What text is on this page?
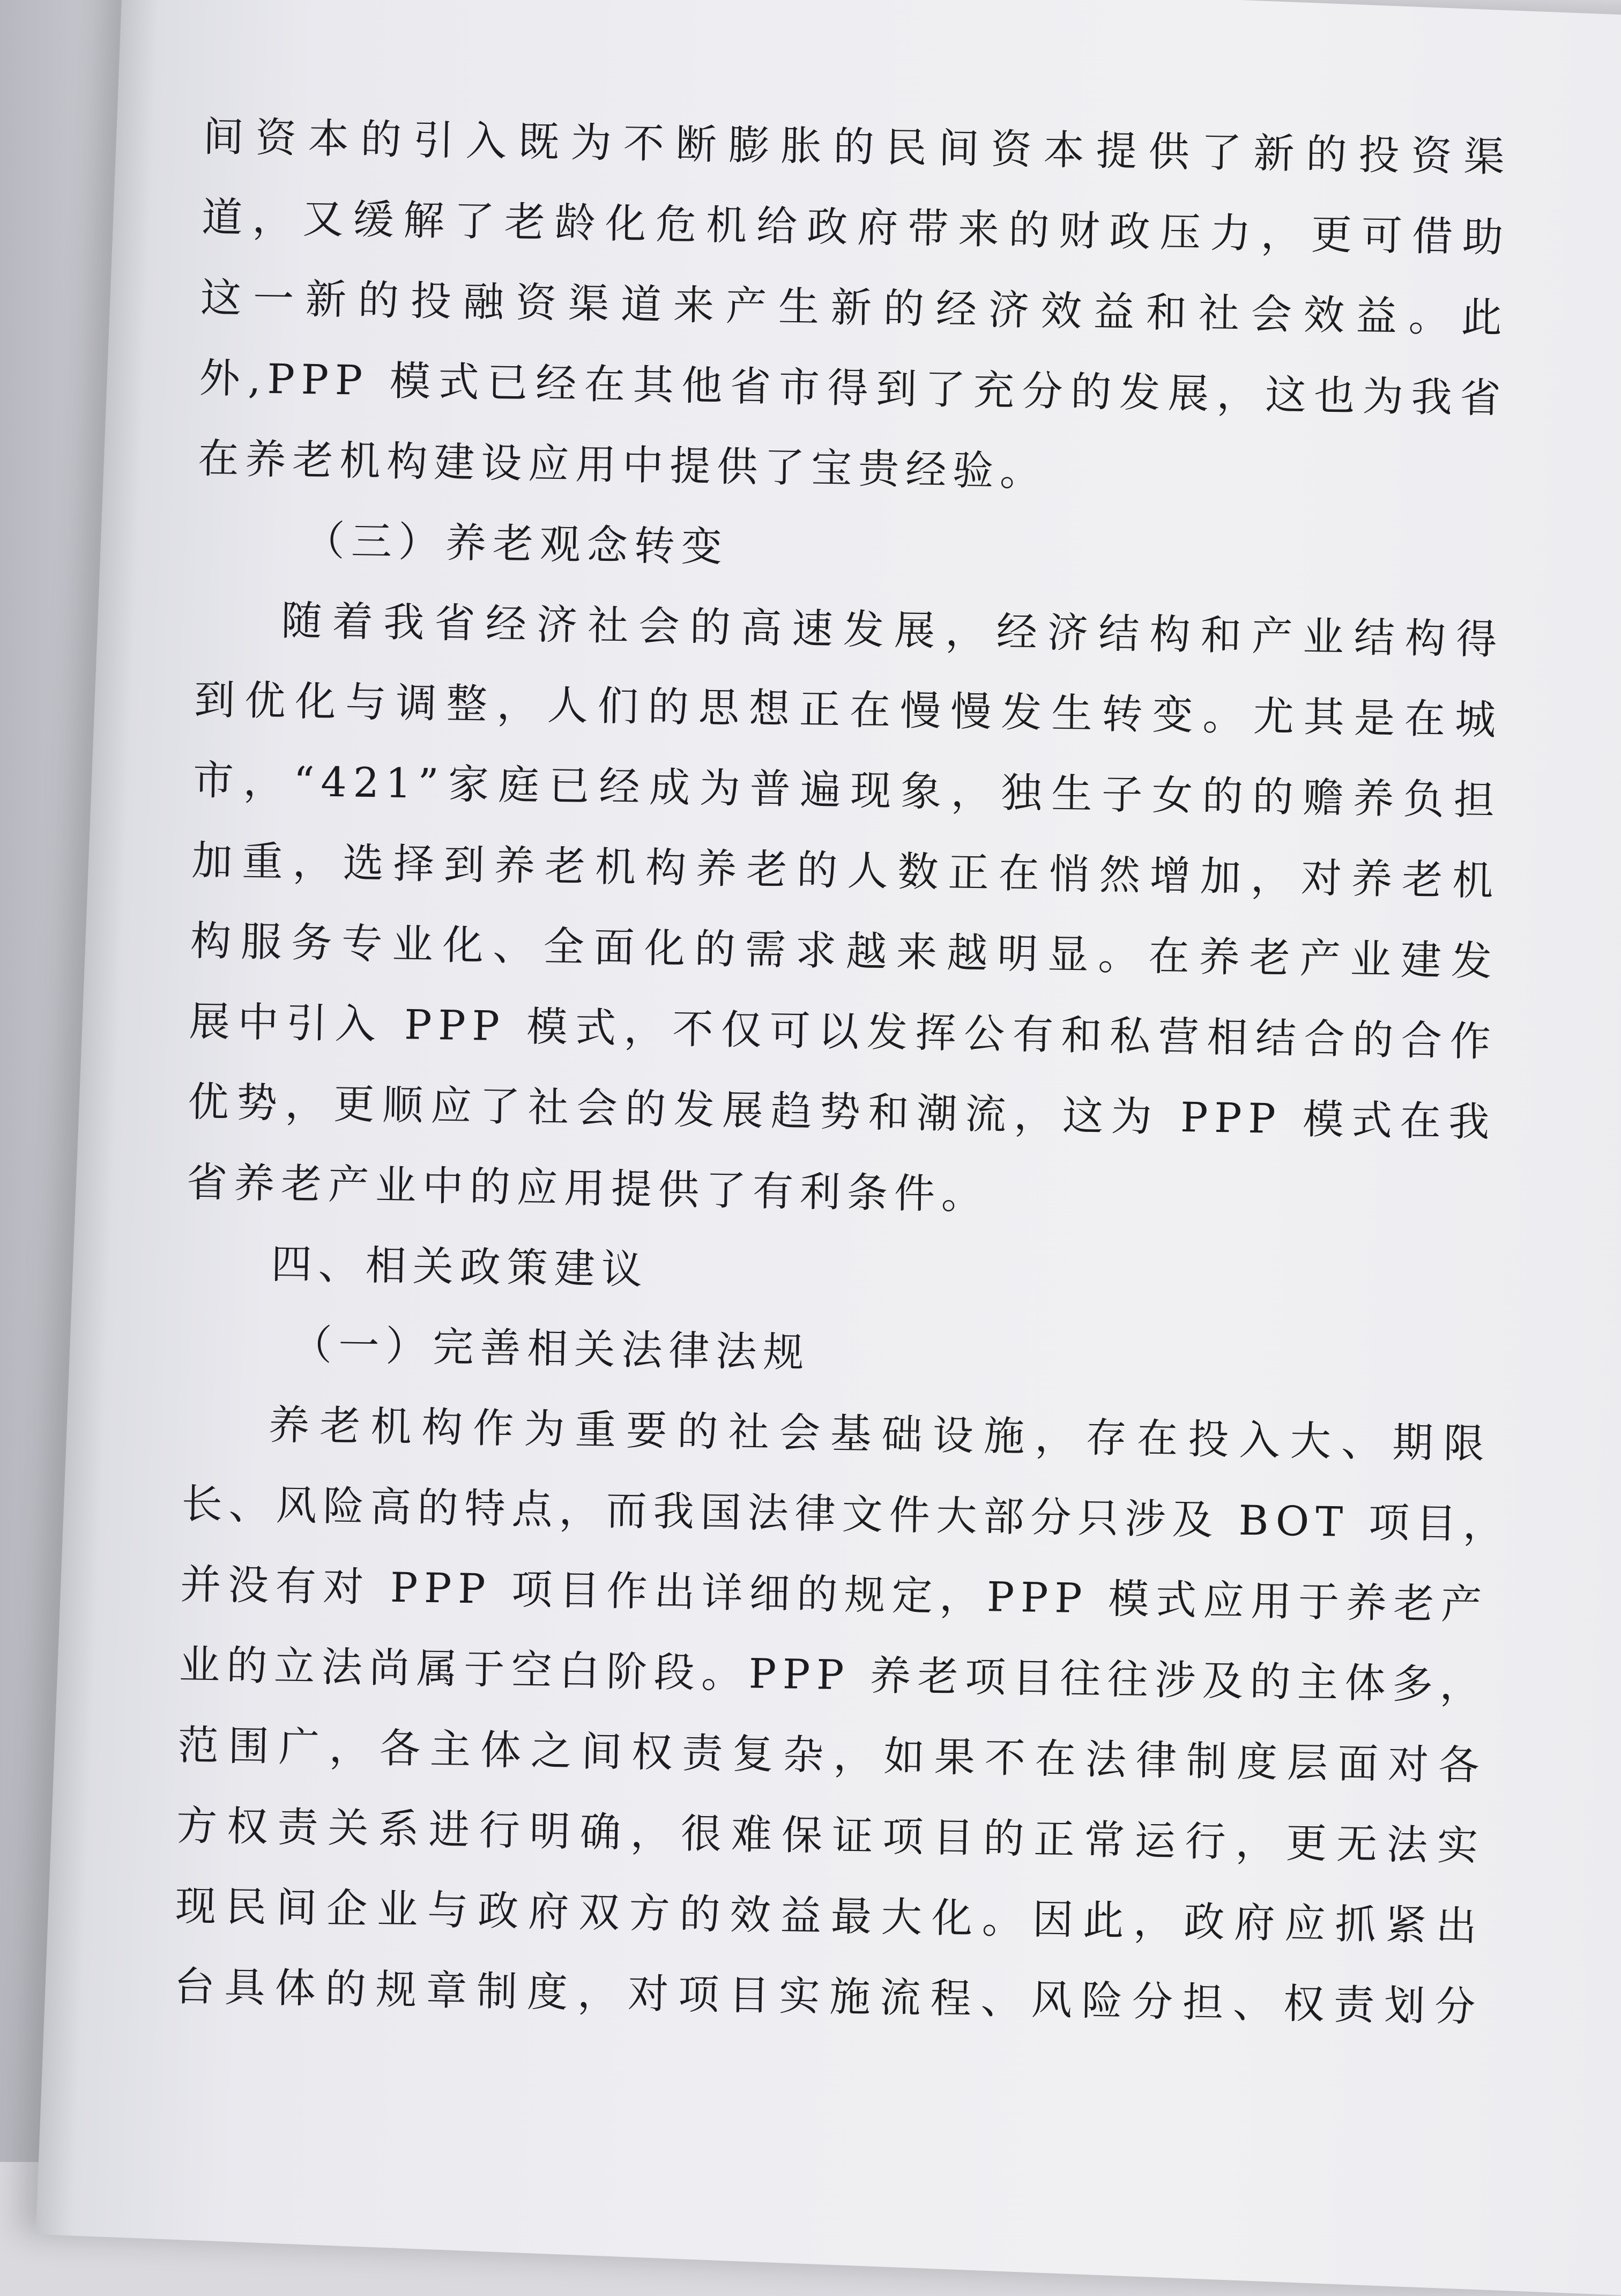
间资本的引入既为不断膨胀的民间资本提供了新的投资渠
道，又缓解了老龄化危机给政府带来的财政压力，更可借助
这一新的投融资渠道来产生新的经济效益和社会效益。此
外,PPP 模式已经在其他省市得到了充分的发展，这也为我省
在养老机构建设应用中提供了宝贵经验。
（三）养老观念转变
随着我省经济社会的高速发展，经济结构和产业结构得
到优化与调整，人们的思想正在慢慢发生转变。尤其是在城
市，“421”家庭已经成为普遍现象，独生子女的的赡养负担
加重，选择到养老机构养老的人数正在悄然增加，对养老机
构服务专业化、全面化的需求越来越明显。在养老产业建发
展中引入 PPP 模式，不仅可以发挥公有和私营相结合的合作
优势，更顺应了社会的发展趋势和潮流，这为 PPP 模式在我
省养老产业中的应用提供了有利条件。
四、相关政策建议
（一）完善相关法律法规
养老机构作为重要的社会基础设施，存在投入大、期限
长、风险高的特点，而我国法律文件大部分只涉及 BOT 项目，
并没有对 PPP 项目作出详细的规定，PPP 模式应用于养老产
业的立法尚属于空白阶段。PPP 养老项目往往涉及的主体多，
范围广，各主体之间权责复杂，如果不在法律制度层面对各
方权责关系进行明确，很难保证项目的正常运行，更无法实
现民间企业与政府双方的效益最大化。因此，政府应抓紧出
台具体的规章制度，对项目实施流程、风险分担、权责划分
